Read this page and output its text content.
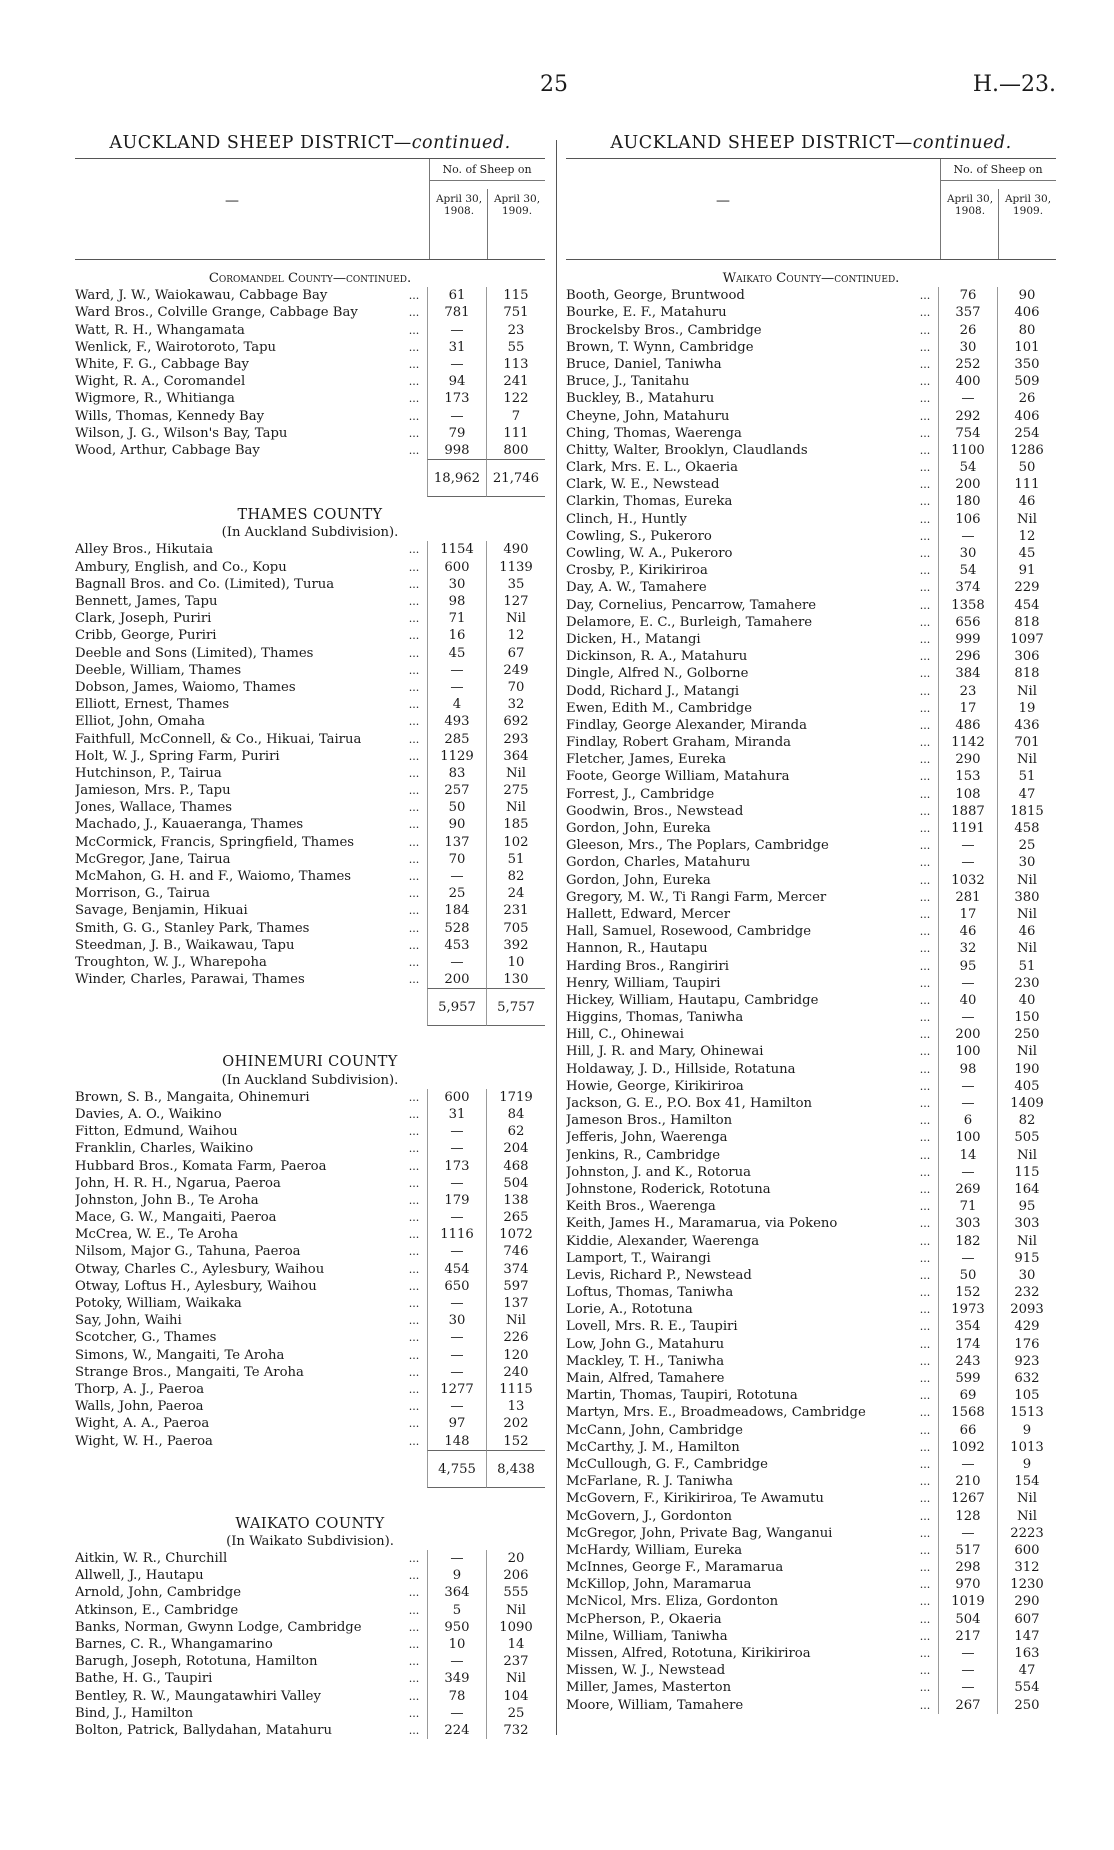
25	H.—23.
AUCKLAND SHEEP DISTRICT—continued.
—
No. of Sheep on
April 30, 1908.
April 30, 1909.
Coromandel County—continued.
Ward, J. W., Waiokawau, Cabbage Bay	...	61	115
Ward Bros., Colville Grange, Cabbage Bay	...	781	751
Watt, R. H., Whangamata	...	—	23
Wenlick, F., Wairotoroto, Tapu	...	31	55
White, F. G., Cabbage Bay	...	—	113
Wight, R. A., Coromandel	...	94	241
Wigmore, R., Whitianga	...	173	122
Wills, Thomas, Kennedy Bay	...	—	7
Wilson, J. G., Wilson's Bay, Tapu	...	79	111
Wood, Arthur, Cabbage Bay	...	998	800
18,962 21,746
THAMES COUNTY
(In Auckland Subdivision).
Alley Bros., Hikutaia	...	1154	490
Ambury, English, and Co., Kopu	...	600	1139
Bagnall Bros. and Co. (Limited), Turua	...	30	35
Bennett, James, Tapu	...	98	127
Clark, Joseph, Puriri	...	71	Nil
Cribb, George, Puriri	...	16	12
Deeble and Sons (Limited), Thames	...	45	67
Deeble, William, Thames	...	—	249
Dobson, James, Waiomo, Thames	...	—	70
Elliott, Ernest, Thames	...	4	32
Elliot, John, Omaha	...	493	692
Faithfull, McConnell, & Co., Hikuai, Tairua	...	285	293
Holt, W. J., Spring Farm, Puriri	...	1129	364
Hutchinson, P., Tairua	...	83	Nil
Jamieson, Mrs. P., Tapu	...	257	275
Jones, Wallace, Thames	...	50	Nil
Machado, J., Kauaeranga, Thames	...	90	185
McCormick, Francis, Springfield, Thames	...	137	102
McGregor, Jane, Tairua	...	70	51
McMahon, G. H. and F., Waiomo, Thames	...	—	82
Morrison, G., Tairua	...	25	24
Savage, Benjamin, Hikuai	...	184	231
Smith, G. G., Stanley Park, Thames	...	528	705
Steedman, J. B., Waikawau, Tapu	...	453	392
Troughton, W. J., Wharepoha	...	—	10
Winder, Charles, Parawai, Thames	...	200	130
5,957	5,757
OHINEMURI COUNTY
(In Auckland Subdivision).
Brown, S. B., Mangaita, Ohinemuri	...	600	1719
Davies, A. O., Waikino	...	31	84
Fitton, Edmund, Waihou	...	—	62
Franklin, Charles, Waikino	...	—	204
Hubbard Bros., Komata Farm, Paeroa	...	173	468
John, H. R. H., Ngarua, Paeroa	...	—	504
Johnston, John B., Te Aroha	...	179	138
Mace, G. W., Mangaiti, Paeroa	...	—	265
McCrea, W. E., Te Aroha	...	1116	1072
Nilsom, Major G., Tahuna, Paeroa	...	—	746
Otway, Charles C., Aylesbury, Waihou	...	454	374
Otway, Loftus H., Aylesbury, Waihou	...	650	597
Potoky, William, Waikaka	...	—	137
Say, John, Waihi	...	30	Nil
Scotcher, G., Thames	...	—	226
Simons, W., Mangaiti, Te Aroha	...	—	120
Strange Bros., Mangaiti, Te Aroha	...	—	240
Thorp, A. J., Paeroa	...	1277	1115
Walls, John, Paeroa	...	—	13
Wight, A. A., Paeroa	...	97	202
Wight, W. H., Paeroa	...	148	152
4,755	8,438
WAIKATO COUNTY
(In Waikato Subdivision).
Aitkin, W. R., Churchill	...	—	20
Allwell, J., Hautapu	...	9	206
Arnold, John, Cambridge	...	364	555
Atkinson, E., Cambridge	...	5	Nil
Banks, Norman, Gwynn Lodge, Cambridge	...	950	1090
Barnes, C. R., Whangamarino	...	10	14
Barugh, Joseph, Rototuna, Hamilton	...	—	237
Bathe, H. G., Taupiri	...	349	Nil
Bentley, R. W., Maungatawhiri Valley	...	78	104
Bind, J., Hamilton	...	—	25
Bolton, Patrick, Ballydahan, Matahuru	...	224	732
AUCKLAND SHEEP DISTRICT—continued.
—
No. of Sheep on
April 30, 1908.
April 30, 1909.
Waikato County—continued.
Booth, George, Bruntwood	...	76	90
Bourke, E. F., Matahuru	...	357	406
Brockelsby Bros., Cambridge	...	26	80
Brown, T. Wynn, Cambridge	...	30	101
Bruce, Daniel, Taniwha	...	252	350
Bruce, J., Tanitahu	...	400	509
Buckley, B., Matahuru	...	—	26
Cheyne, John, Matahuru	...	292	406
Ching, Thomas, Waerenga	...	754	254
Chitty, Walter, Brooklyn, Claudlands	...	1100	1286
Clark, Mrs. E. L., Okaeria	...	54	50
Clark, W. E., Newstead	...	200	111
Clarkin, Thomas, Eureka	...	180	46
Clinch, H., Huntly	...	106	Nil
Cowling, S., Pukeroro	...	—	12
Cowling, W. A., Pukeroro	...	30	45
Crosby, P., Kirikiriroa	...	54	91
Day, A. W., Tamahere	...	374	229
Day, Cornelius, Pencarrow, Tamahere	...	1358	454
Delamore, E. C., Burleigh, Tamahere	...	656	818
Dicken, H., Matangi	...	999	1097
Dickinson, R. A., Matahuru	...	296	306
Dingle, Alfred N., Golborne	...	384	818
Dodd, Richard J., Matangi	...	23	Nil
Ewen, Edith M., Cambridge	...	17	19
Findlay, George Alexander, Miranda	...	486	436
Findlay, Robert Graham, Miranda	...	1142	701
Fletcher, James, Eureka	...	290	Nil
Foote, George William, Matahura	...	153	51
Forrest, J., Cambridge	...	108	47
Goodwin, Bros., Newstead	...	1887	1815
Gordon, John, Eureka	...	1191	458
Gleeson, Mrs., The Poplars, Cambridge	...	—	25
Gordon, Charles, Matahuru	...	—	30
Gordon, John, Eureka	...	1032	Nil
Gregory, M. W., Ti Rangi Farm, Mercer	...	281	380
Hallett, Edward, Mercer	...	17	Nil
Hall, Samuel, Rosewood, Cambridge	...	46	46
Hannon, R., Hautapu	...	32	Nil
Harding Bros., Rangiriri	...	95	51
Henry, William, Taupiri	...	—	230
Hickey, William, Hautapu, Cambridge	...	40	40
Higgins, Thomas, Taniwha	...	—	150
Hill, C., Ohinewai	...	200	250
Hill, J. R. and Mary, Ohinewai	...	100	Nil
Holdaway, J. D., Hillside, Rotatuna	...	98	190
Howie, George, Kirikiriroa	...	—	405
Jackson, G. E., P.O. Box 41, Hamilton	...	—	1409
Jameson Bros., Hamilton	...	6	82
Jefferis, John, Waerenga	...	100	505
Jenkins, R., Cambridge	...	14	Nil
Johnston, J. and K., Rotorua	...	—	115
Johnstone, Roderick, Rototuna	...	269	164
Keith Bros., Waerenga	...	71	95
Keith, James H., Maramarua, via Pokeno	...	303	303
Kiddie, Alexander, Waerenga	...	182	Nil
Lamport, T., Wairangi	...	—	915
Levis, Richard P., Newstead	...	50	30
Loftus, Thomas, Taniwha	...	152	232
Lorie, A., Rototuna	...	1973	2093
Lovell, Mrs. R. E., Taupiri	...	354	429
Low, John G., Matahuru	...	174	176
Mackley, T. H., Taniwha	...	243	923
Main, Alfred, Tamahere	...	599	632
Martin, Thomas, Taupiri, Rototuna	...	69	105
Martyn, Mrs. E., Broadmeadows, Cambridge	...	1568	1513
McCann, John, Cambridge	...	66	9
McCarthy, J. M., Hamilton	...	1092	1013
McCullough, G. F., Cambridge	...	—	9
McFarlane, R. J. Taniwha	...	210	154
McGovern, F., Kirikiriroa, Te Awamutu	...	1267	Nil
McGovern, J., Gordonton	...	128	Nil
McGregor, John, Private Bag, Wanganui	...	—	2223
McHardy, William, Eureka	...	517	600
McInnes, George F., Maramarua	...	298	312
McKillop, John, Maramarua	...	970	1230
McNicol, Mrs. Eliza, Gordonton	...	1019	290
McPherson, P., Okaeria	...	504	607
Milne, William, Taniwha	...	217	147
Missen, Alfred, Rototuna, Kirikiriroa	...	—	163
Missen, W. J., Newstead	...	—	47
Miller, James, Masterton	...	—	554
Moore, William, Tamahere	...	267	250
